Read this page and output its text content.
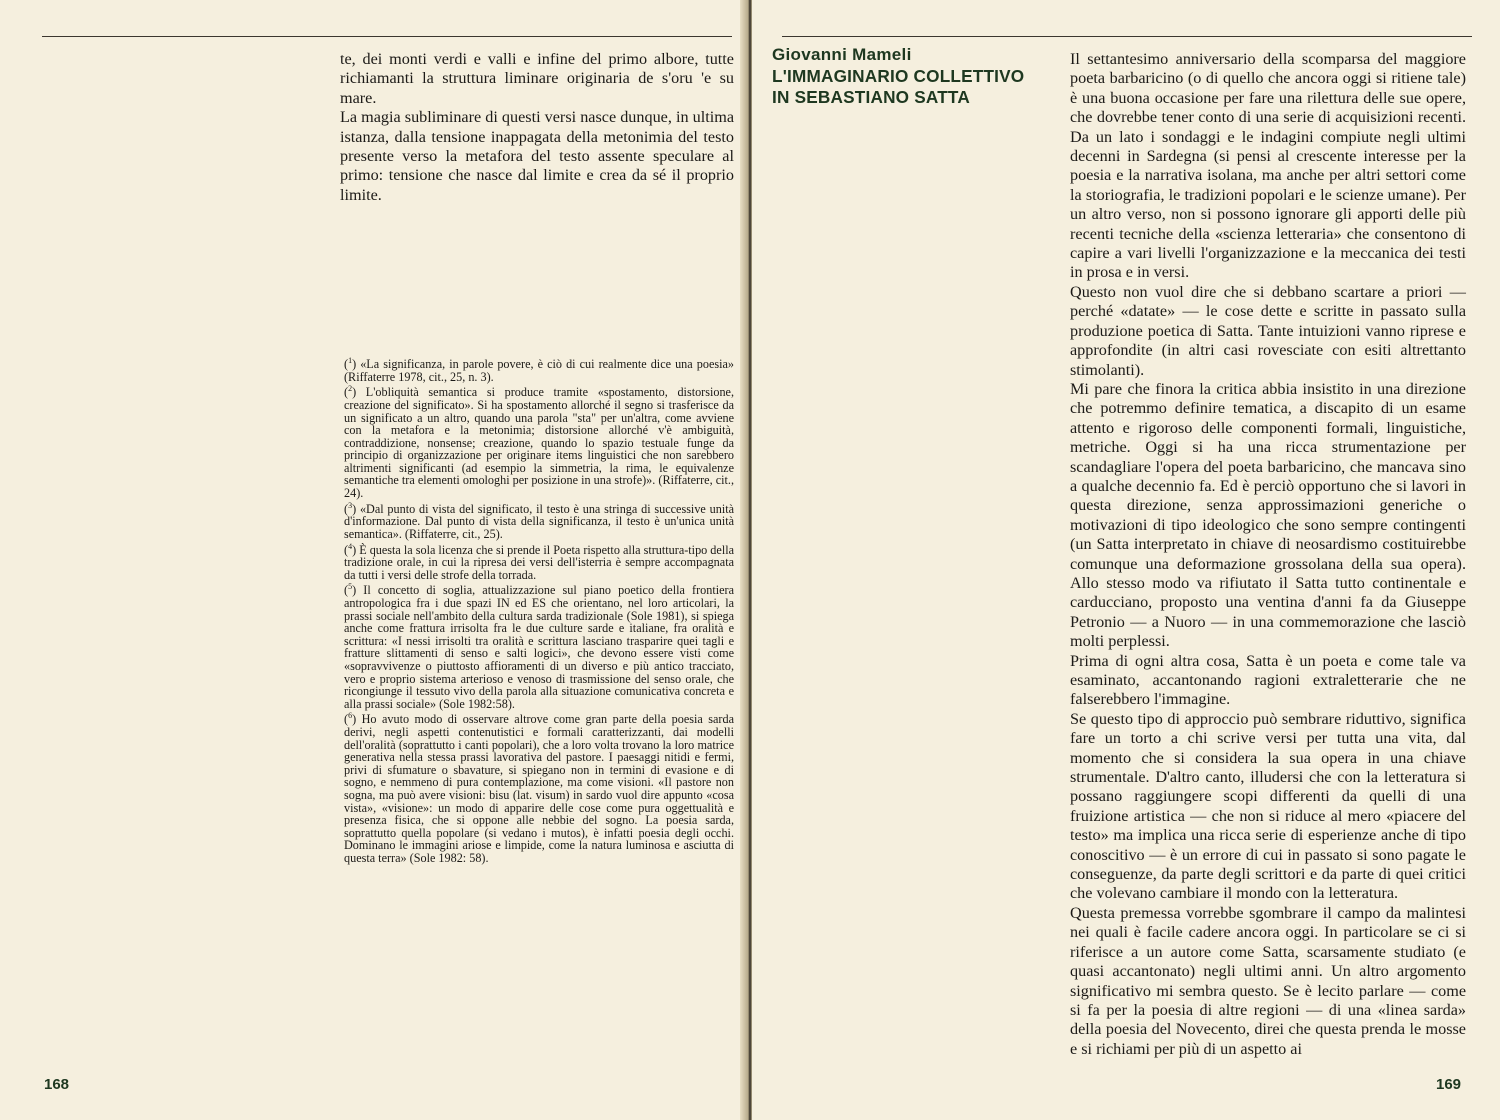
te, dei monti verdi e valli e infine del primo albore, tutte richiamanti la struttura liminare originaria de s'oru 'e su mare.

La magia subliminare di questi versi nasce dunque, in ultima istanza, dalla tensione inappagata della metonimia del testo presente verso la metafora del testo assente speculare al primo: tensione che nasce dal limite e crea da sé il proprio limite.

($^1$) «La significanza, in parole povere, è ciò di cui realmente dice una poesia» (Riffaterre 1978, cit., 25, n. 3).

($^2$) L'obliquità semantica si produce tramite «spostamento, distorsione, creazione del significato». Si ha spostamento allorché il segno si trasferisce da un significato a un altro, quando una parola "sta" per un'altra, come avviene con la metafora e la metonimia; distorsione allorché v'è ambiguità, contraddizione, nonsense; creazione, quando lo spazio testuale funge da principio di organizzazione per originare items linguistici che non sarebbero altrimenti significanti (ad esempio la simmetria, la rima, le equivalenze semantiche tra elementi omologhi per posizione in una strofe)». (Riffaterre, cit., 24).

($^3$) «Dal punto di vista del significato, il testo è una stringa di successive unità d'informazione. Dal punto di vista della significanza, il testo è un'unica unità semantica». (Riffaterre, cit., 25).

($^4$) È questa la sola licenza che si prende il Poeta rispetto alla struttura-tipo della tradizione orale, in cui la ripresa dei versi dell'isterria è sempre accompagnata da tutti i versi delle strofe della torrada.

($^5$) Il concetto di soglia, attualizzazione sul piano poetico della frontiera antropologica fra i due spazi IN ed ES che orientano, nel loro articolari, la prassi sociale nell'ambito della cultura sarda tradizionale (Sole 1981), si spiega anche come frattura irrisolta fra le due culture sarde e italiane, fra oralità e scrittura: «I nessi irrisolti tra oralità e scrittura lasciano trasparire quei tagli e fratture slittamenti di senso e salti logici», che devono essere visti come «sopravvivenze o piuttosto affioramenti di un diverso e più antico tracciato, vero e proprio sistema arterioso e venoso di trasmissione del senso orale, che ricongiunge il tessuto vivo della parola alla situazione comunicativa concreta e alla prassi sociale» (Sole 1982:58).

($^6$) Ho avuto modo di osservare altrove come gran parte della poesia sarda derivi, negli aspetti contenutistici e formali caratterizzanti, dai modelli dell'oralità (soprattutto i canti popolari), che a loro volta trovano la loro matrice generativa nella stessa prassi lavorativa del pastore. I paesaggi nitidi e fermi, privi di sfumature o sbavature, si spiegano non in termini di evasione e di sogno, e nemmeno di pura contemplazione, ma come visioni. «Il pastore non sogna, ma può avere visioni: bisu (lat. visum) in sardo vuol dire appunto «cosa vista», «visione»: un modo di apparire delle cose come pura oggettualità e presenza fisica, che si oppone alle nebbie del sogno. La poesia sarda, soprattutto quella popolare (si vedano i mutos), è infatti poesia degli occhi. Dominano le immagini ariose e limpide, come la natura luminosa e asciutta di questa terra» (Sole 1982: 58).

168
Giovanni Mameli
L'IMMAGINARIO COLLETTIVO
IN SEBASTIANO SATTA

Il settantesimo anniversario della scomparsa del maggiore poeta barbaricino (o di quello che ancora oggi si ritiene tale) è una buona occasione per fare una rilettura delle sue opere, che dovrebbe tener conto di una serie di acquisizioni recenti. Da un lato i sondaggi e le indagini compiute negli ultimi decenni in Sardegna (si pensi al crescente interesse per la poesia e la narrativa isolana, ma anche per altri settori come la storiografia, le tradizioni popolari e le scienze umane). Per un altro verso, non si possono ignorare gli apporti delle più recenti tecniche della «scienza letteraria» che consentono di capire a vari livelli l'organizzazione e la meccanica dei testi in prosa e in versi.

Questo non vuol dire che si debbano scartare a priori — perché «datate» — le cose dette e scritte in passato sulla produzione poetica di Satta. Tante intuizioni vanno riprese e approfondite (in altri casi rovesciate con esiti altrettanto stimolanti).

Mi pare che finora la critica abbia insistito in una direzione che potremmo definire tematica, a discapito di un esame attento e rigoroso delle componenti formali, linguistiche, metriche. Oggi si ha una ricca strumentazione per scandagliare l'opera del poeta barbaricino, che mancava sino a qualche decennio fa. Ed è perciò opportuno che si lavori in questa direzione, senza approssimazioni generiche o motivazioni di tipo ideologico che sono sempre contingenti (un Satta interpretato in chiave di neosardismo costituirebbe comunque una deformazione grossolana della sua opera). Allo stesso modo va rifiutato il Satta tutto continentale e carducciano, proposto una ventina d'anni fa da Giuseppe Petronio — a Nuoro — in una commemorazione che lasciò molti perplessi.

Prima di ogni altra cosa, Satta è un poeta e come tale va esaminato, accantonando ragioni extraletterarie che ne falserebbero l'immagine.

Se questo tipo di approccio può sembrare riduttivo, significa fare un torto a chi scrive versi per tutta una vita, dal momento che si considera la sua opera in una chiave strumentale. D'altro canto, illudersi che con la letteratura si possano raggiungere scopi differenti da quelli di una fruizione artistica — che non si riduce al mero «piacere del testo» ma implica una ricca serie di esperienze anche di tipo conoscitivo — è un errore di cui in passato si sono pagate le conseguenze, da parte degli scrittori e da parte di quei critici che volevano cambiare il mondo con la letteratura.

Questa premessa vorrebbe sgombrare il campo da malintesi nei quali è facile cadere ancora oggi. In particolare se ci si riferisce a un autore come Satta, scarsamente studiato (e quasi accantonato) negli ultimi anni. Un altro argomento significativo mi sembra questo. Se è lecito parlare — come si fa per la poesia di altre regioni — di una «linea sarda» della poesia del Novecento, direi che questa prenda le mosse e si richiami per più di un aspetto ai

169
